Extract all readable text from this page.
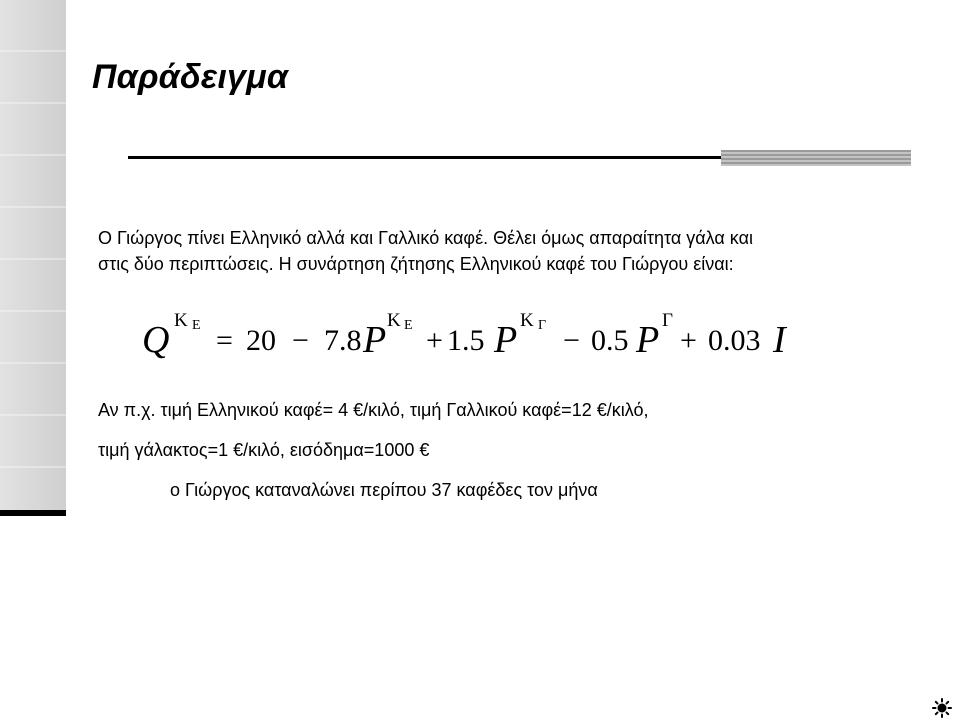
Παράδειγμα
Ο Γιώργος πίνει Ελληνικό αλλά και Γαλλικό καφέ. Θέλει όμως απαραίτητα γάλα και
στις δύο περιπτώσεις. Η συνάρτηση ζήτησης Ελληνικού καφέ του Γιώργου είναι:
Q Κ Ε = 20 − 7.8 P Κ Ε + 1.5 P Κ Γ − 0.5 P Γ
+ 0.03 I
Αν π.χ. τιμή Ελληνικού καφέ= 4 €/κιλό, τιμή Γαλλικού καφέ=12 €/κιλό,
τιμή γάλακτος=1 €/κιλό, εισόδημα=1000 €
ο Γιώργος καταναλώνει περίπου 37 καφέδες τον μήνα
